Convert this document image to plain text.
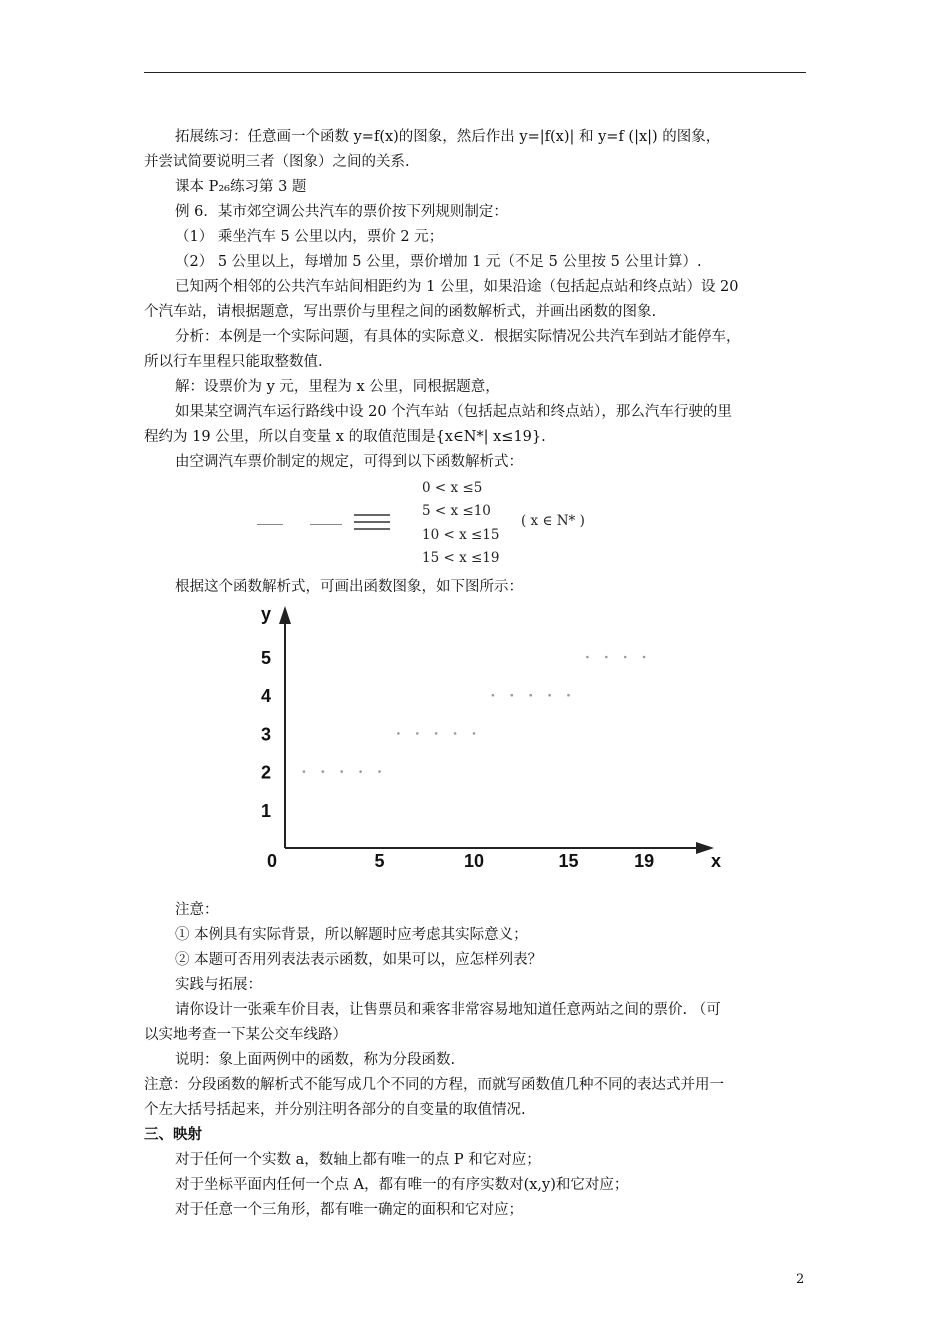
拓展练习：任意画一个函数 y=f(x)的图象，然后作出 y=|f(x)| 和 y=f (|x|) 的图象，
并尝试简要说明三者（图象）之间的关系.
课本 P₂₆练习第 3 题
例 6．某市郊空调公共汽车的票价按下列规则制定：
（1） 乘坐汽车 5 公里以内，票价 2 元；
（2） 5 公里以上，每增加 5 公里，票价增加 1 元（不足 5 公里按 5 公里计算）.
已知两个相邻的公共汽车站间相距约为 1 公里，如果沿途（包括起点站和终点站）设 20
个汽车站，请根据题意，写出票价与里程之间的函数解析式，并画出函数的图象.
分析：本例是一个实际问题，有具体的实际意义．根据实际情况公共汽车到站才能停车，
所以行车里程只能取整数值.
解：设票价为 y 元，里程为 x 公里，同根据题意，
如果某空调汽车运行路线中设 20 个汽车站（包括起点站和终点站），那么汽车行驶的里
程约为 19 公里，所以自变量 x 的取值范围是{x∈N*| x≤19}.
由空调汽车票价制定的规定，可得到以下函数解析式：
0 < x ≤5
5 < x ≤10
10 < x ≤15
15 < x ≤19
( x ∈ N* )
根据这个函数解析式，可画出函数图象，如下图所示：
1
2
3
4
5
0	5	10	15	19	x
y
注意：
① 本例具有实际背景，所以解题时应考虑其实际意义；
② 本题可否用列表法表示函数，如果可以，应怎样列表？
实践与拓展：
请你设计一张乘车价目表，让售票员和乘客非常容易地知道任意两站之间的票价. （可
以实地考查一下某公交车线路）
说明：象上面两例中的函数，称为分段函数.
注意：分段函数的解析式不能写成几个不同的方程，而就写函数值几种不同的表达式并用一
个左大括号括起来，并分别注明各部分的自变量的取值情况.
三、映射
对于任何一个实数 a，数轴上都有唯一的点 P 和它对应；
对于坐标平面内任何一个点 A，都有唯一的有序实数对(x,y)和它对应；
对于任意一个三角形，都有唯一确定的面积和它对应；
2
